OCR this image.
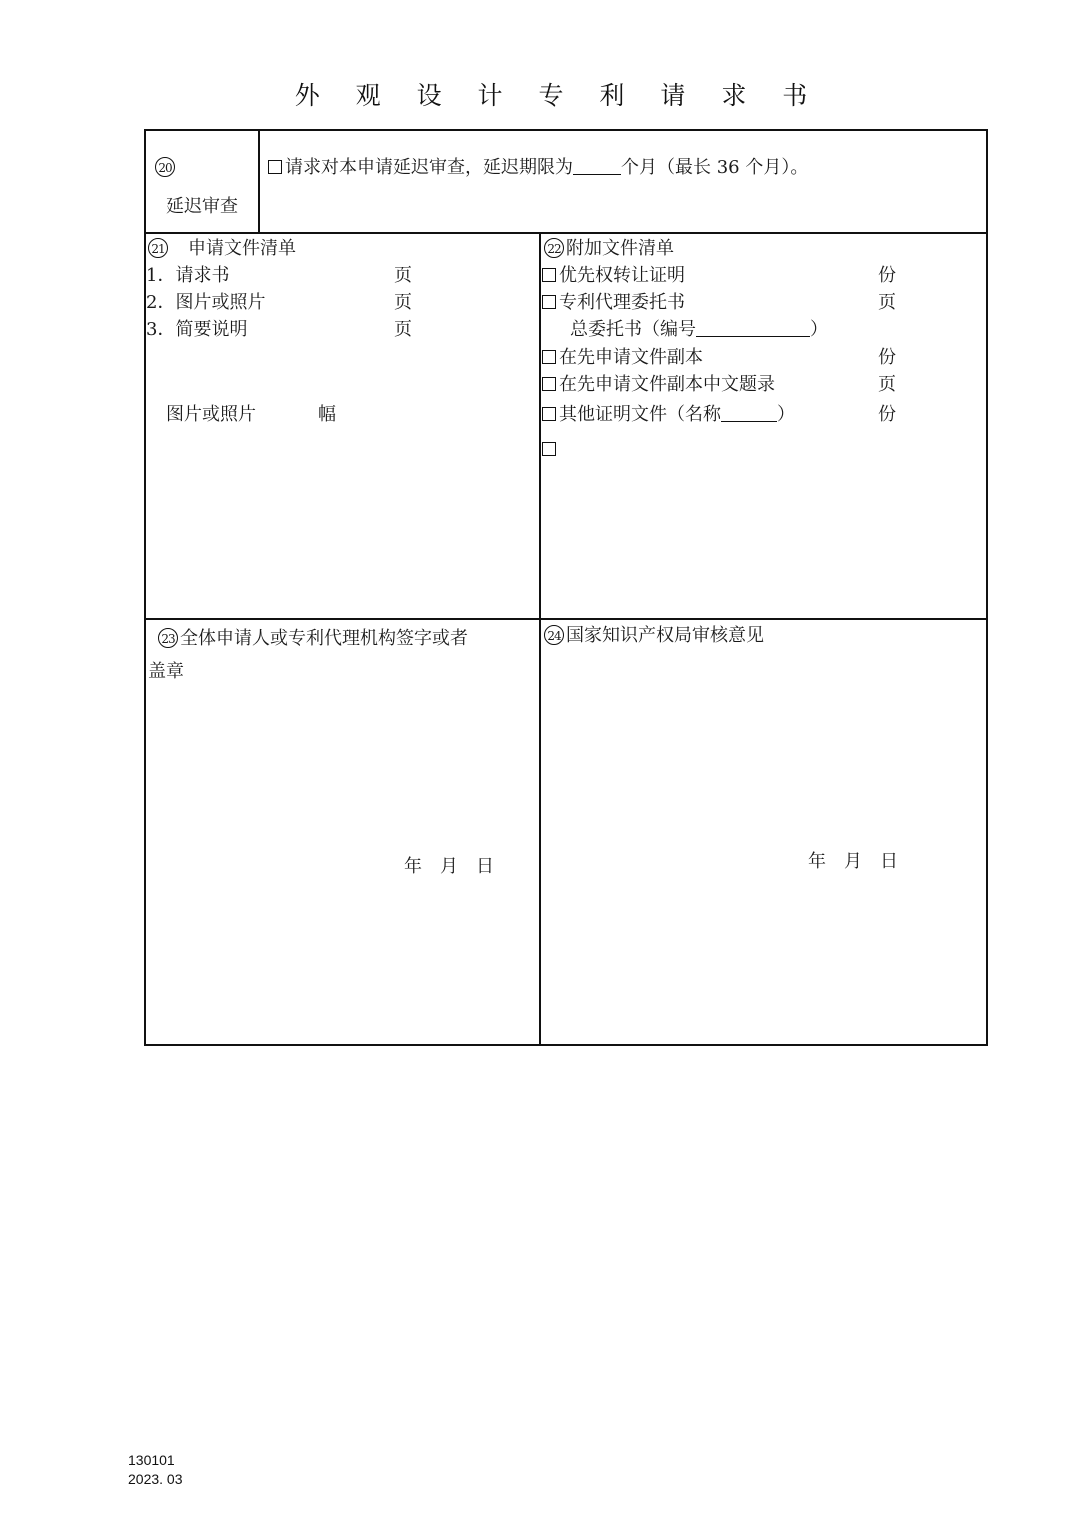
外 观 设 计 专 利 请 求 书
20
延迟审查
请求对本申请延迟审查，延迟期限为	个月（最长 36 个月）。
21 申请文件清单
1．请求书	页
2．图片或照片	页
3．简要说明	页
图片或照片	幅
22 附加文件清单
优先权转让证明	份
专利代理委托书	页
总委托书（编号	）
在先申请文件副本	份
在先申请文件副本中文题录	页
其他证明文件（名称	）	份
23 全体申请人或专利代理机构签字或者
盖章
年　月　日
24 国家知识产权局审核意见
年　月　日
130101
2023. 03
